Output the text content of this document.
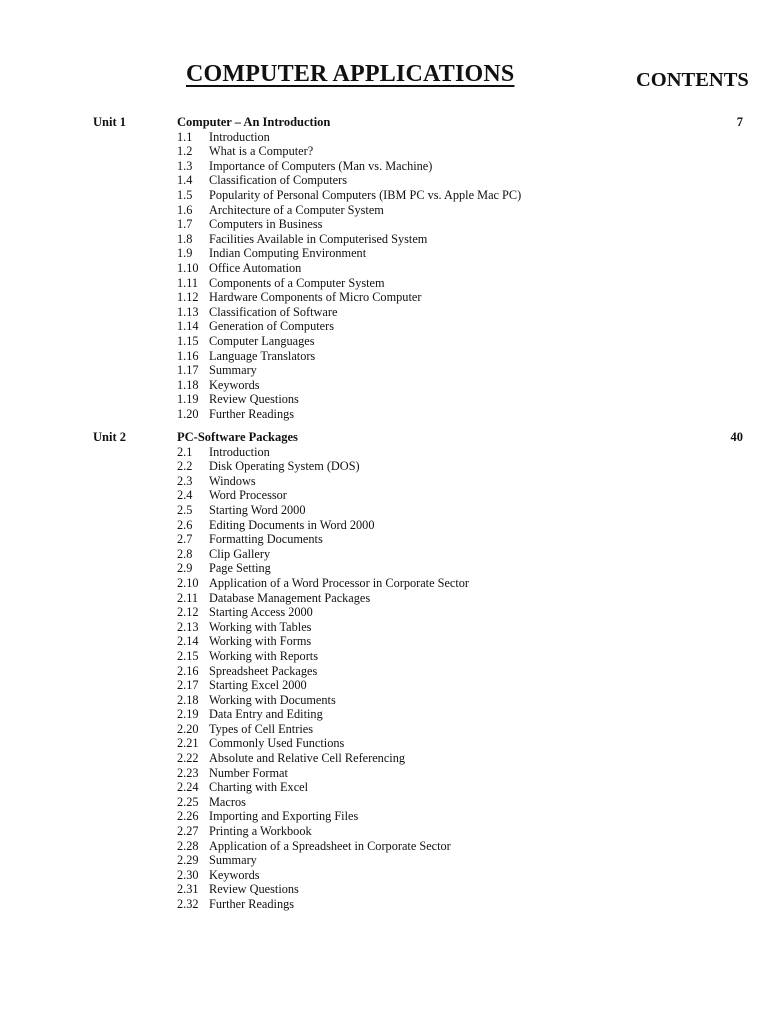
COMPUTER APPLICATIONS	CONTENTS
Unit 1	Computer – An Introduction	7
1.1 Introduction
1.2 What is a Computer?
1.3 Importance of Computers (Man vs. Machine)
1.4 Classification of Computers
1.5 Popularity of Personal Computers (IBM PC vs. Apple Mac PC)
1.6 Architecture of a Computer System
1.7 Computers in Business
1.8 Facilities Available in Computerised System
1.9 Indian Computing Environment
1.10 Office Automation
1.11 Components of a Computer System
1.12 Hardware Components of Micro Computer
1.13 Classification of Software
1.14 Generation of Computers
1.15 Computer Languages
1.16 Language Translators
1.17 Summary
1.18 Keywords
1.19 Review Questions
1.20 Further Readings
Unit 2	PC-Software Packages	40
2.1 Introduction
2.2 Disk Operating System (DOS)
2.3 Windows
2.4 Word Processor
2.5 Starting Word 2000
2.6 Editing Documents in Word 2000
2.7 Formatting Documents
2.8 Clip Gallery
2.9 Page Setting
2.10 Application of a Word Processor in Corporate Sector
2.11 Database Management Packages
2.12 Starting Access 2000
2.13 Working with Tables
2.14 Working with Forms
2.15 Working with Reports
2.16 Spreadsheet Packages
2.17 Starting Excel 2000
2.18 Working with Documents
2.19 Data Entry and Editing
2.20 Types of Cell Entries
2.21 Commonly Used Functions
2.22 Absolute and Relative Cell Referencing
2.23 Number Format
2.24 Charting with Excel
2.25 Macros
2.26 Importing and Exporting Files
2.27 Printing a Workbook
2.28 Application of a Spreadsheet in Corporate Sector
2.29 Summary
2.30 Keywords
2.31 Review Questions
2.32 Further Readings
